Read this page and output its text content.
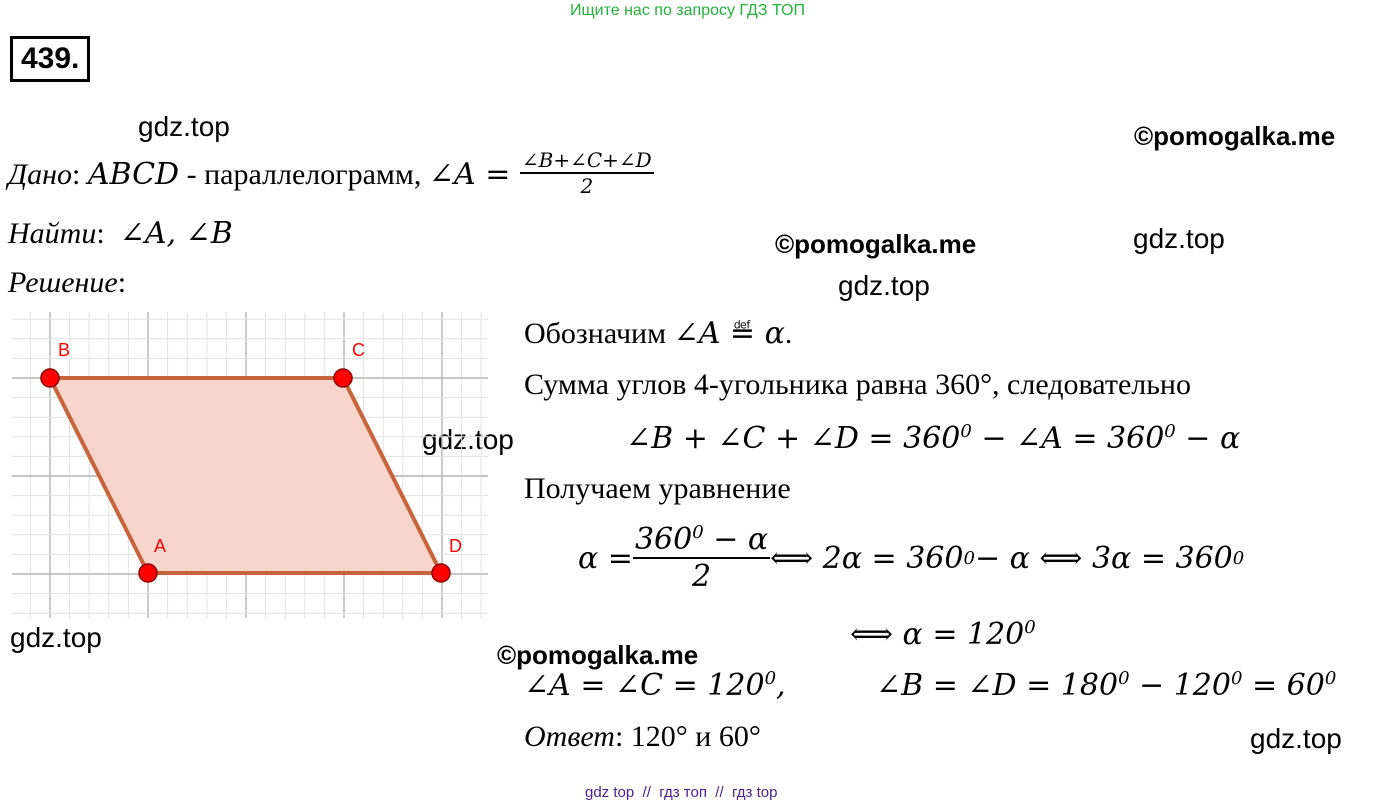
Ищите нас по запросу ГДЗ ТОП
439.
gdz.top	©pomogalka.me
©pomogalka.me	gdz.top
gdz.top
gdz.top
gdz.top
©pomogalka.me
gdz.top
Дано: ABCD - параллелограмм, ∠A = $\frac{\angle B+\angle C+\angle D}{2}$
Найти: ∠A, ∠B
Решение:
B	C
A	D
Обозначим ∠A ≝ α.
Сумма углов 4-угольника равна 360°, следовательно
∠B + ∠C + ∠D = $360^0$ − ∠A = $360^0 - \alpha$
Получаем уравнение
$\alpha = \frac{360^0 - \alpha}{2}$ ⟺ 2α = 360 0 − α ⟺ 3α = 360 0
⟺ $\alpha = 120^0$
∠A = ∠C = $120^0$,	∠B = ∠D = $180^0 - 120^0 = 60^0$
Ответ: 120° и 60°
gdz top  //  гдз топ  //  гдз top
